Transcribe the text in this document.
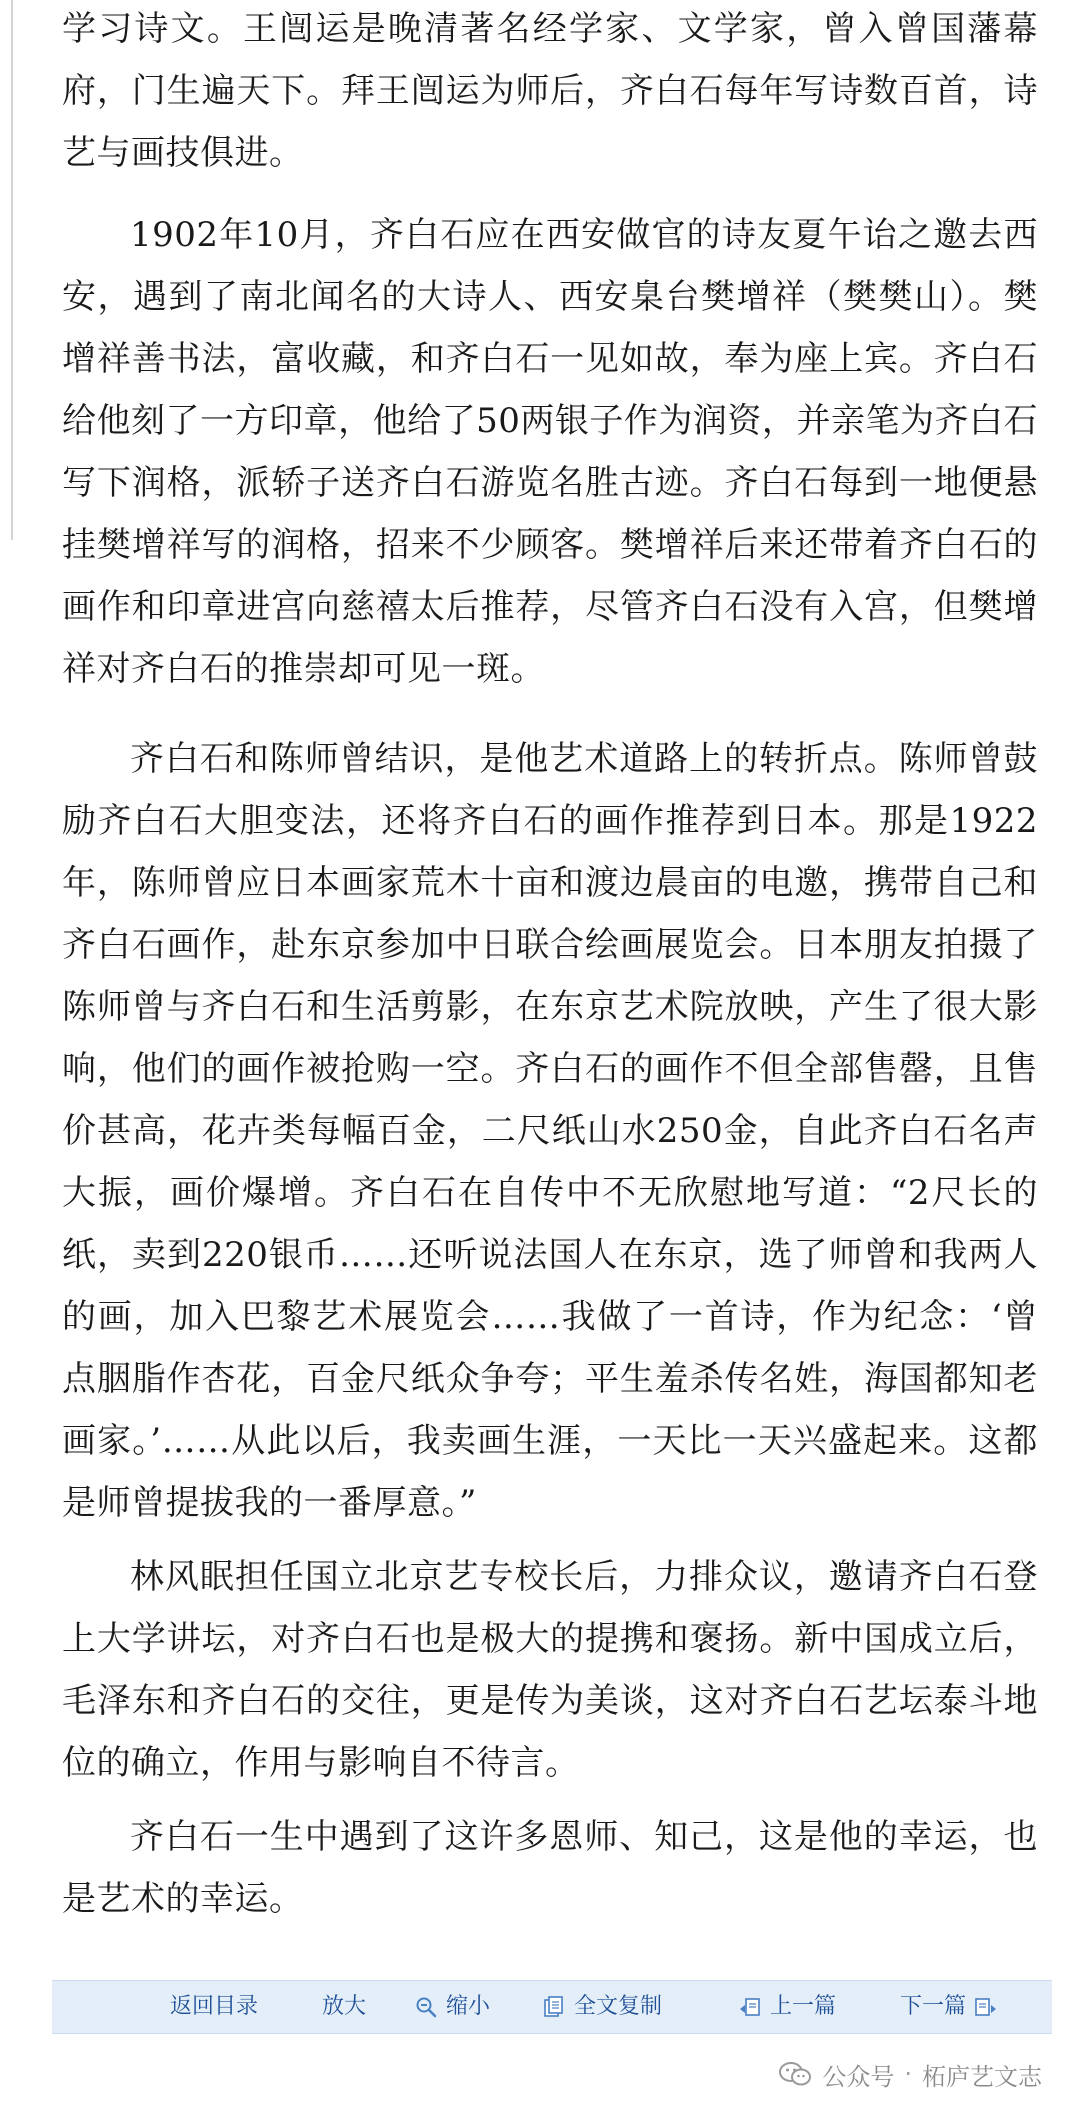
学习诗文。王闿运是晚清著名经学家、文学家，曾入曾国藩幕府，门生遍天下。拜王闿运为师后，齐白石每年写诗数百首，诗艺与画技俱进。

1902年10月，齐白石应在西安做官的诗友夏午诒之邀去西安，遇到了南北闻名的大诗人、西安臬台樊增祥（樊樊山）。樊增祥善书法，富收藏，和齐白石一见如故，奉为座上宾。齐白石给他刻了一方印章，他给了50两银子作为润资，并亲笔为齐白石写下润格，派轿子送齐白石游览名胜古迹。齐白石每到一地便悬挂樊增祥写的润格，招来不少顾客。樊增祥后来还带着齐白石的画作和印章进宫向慈禧太后推荐，尽管齐白石没有入宫，但樊增祥对齐白石的推崇却可见一斑。

齐白石和陈师曾结识，是他艺术道路上的转折点。陈师曾鼓励齐白石大胆变法，还将齐白石的画作推荐到日本。那是1922年，陈师曾应日本画家荒木十亩和渡边晨亩的电邀，携带自己和齐白石画作，赴东京参加中日联合绘画展览会。日本朋友拍摄了陈师曾与齐白石和生活剪影，在东京艺术院放映，产生了很大影响，他们的画作被抢购一空。齐白石的画作不但全部售罄，且售价甚高，花卉类每幅百金，二尺纸山水250金，自此齐白石名声大振，画价爆增。齐白石在自传中不无欣慰地写道：“2尺长的纸，卖到220银币……还听说法国人在东京，选了师曾和我两人的画，加入巴黎艺术展览会……我做了一首诗，作为纪念：‘曾点胭脂作杏花，百金尺纸众争夸；平生羞杀传名姓，海国都知老画家。’……从此以后，我卖画生涯，一天比一天兴盛起来。这都是师曾提拔我的一番厚意。”

林风眠担任国立北京艺专校长后，力排众议，邀请齐白石登上大学讲坛，对齐白石也是极大的提携和褒扬。新中国成立后，毛泽东和齐白石的交往，更是传为美谈，这对齐白石艺坛泰斗地位的确立，作用与影响自不待言。

齐白石一生中遇到了这许多恩师、知己，这是他的幸运，也是艺术的幸运。

返回目录	放大	缩小	全文复制	上一篇	下一篇
公众号 · 柘庐艺文志
